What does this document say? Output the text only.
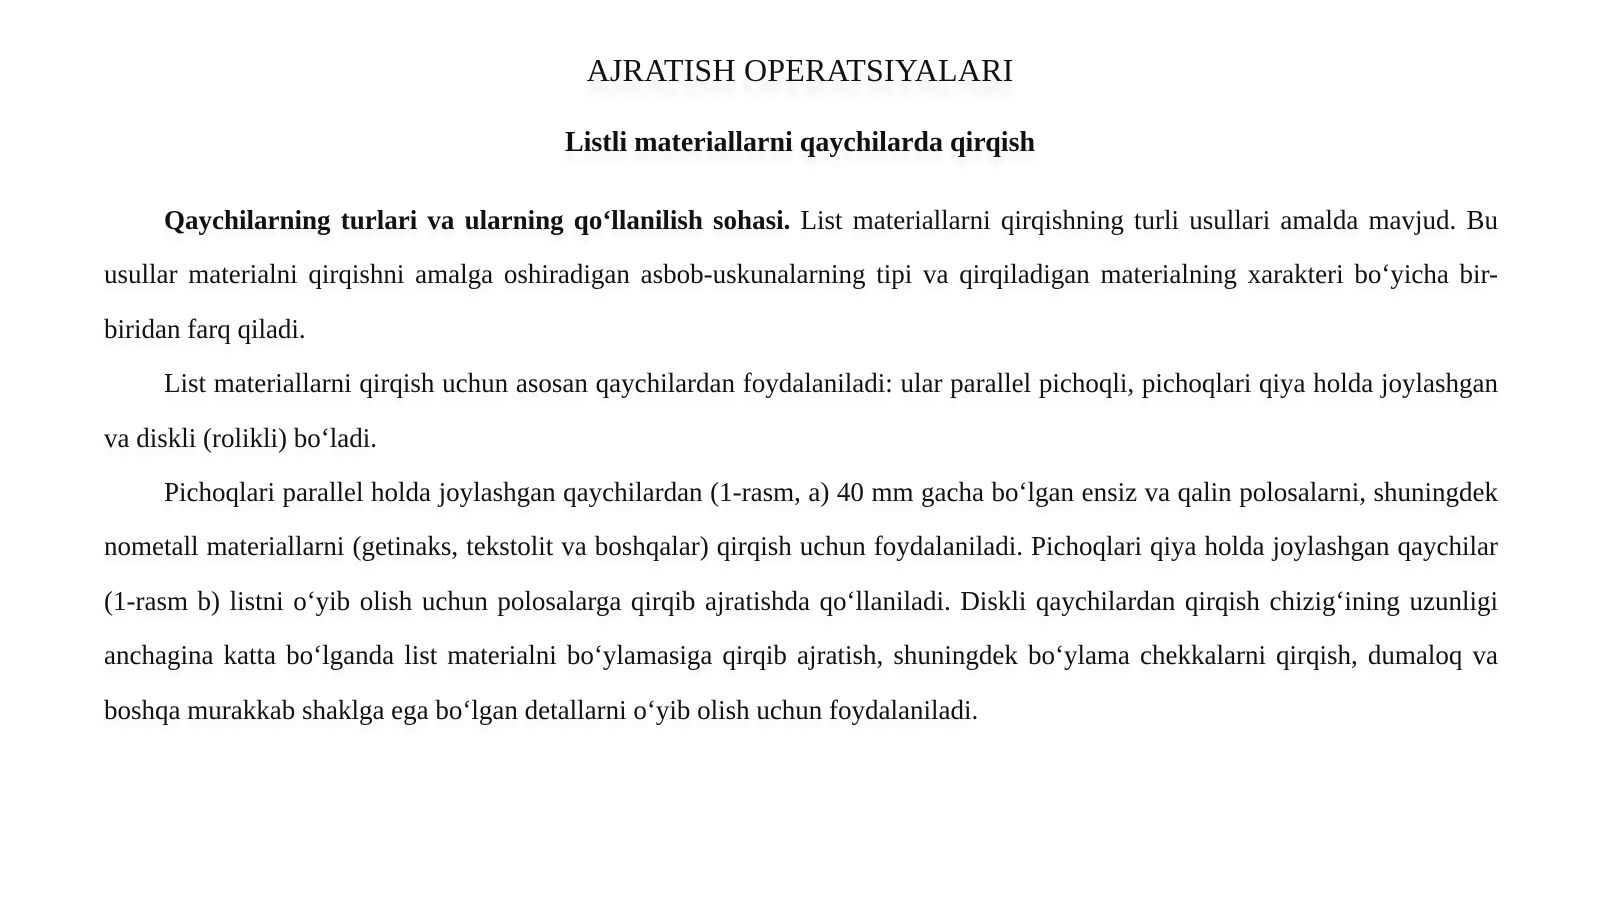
AJRATISH OPERATSIYALARI
Listli materiallarni qaychilarda qirqish

Qaychilarning turlari va ularning qo‘llanilish sohasi. List materiallarni qirqishning turli usullari amalda mavjud. Bu usullar materialni qirqishni amalga oshiradigan asbob-uskunalarning tipi va qirqiladigan materialning xarakteri bo‘yicha bir-biridan farq qiladi.

List materiallarni qirqish uchun asosan qaychilardan foydalaniladi: ular parallel pichoqli, pichoqlari qiya holda joylashgan va diskli (rolikli) bo‘ladi.

Pichoqlari parallel holda joylashgan qaychilardan (1-rasm, a) 40 mm gacha bo‘lgan ensiz va qalin polosalarni, shuningdek nometall materiallarni (getinaks, tekstolit va boshqalar) qirqish uchun foydalaniladi. Pichoqlari qiya holda joylashgan qaychilar (1-rasm b) listni o‘yib olish uchun polosalarga qirqib ajratishda qo‘llaniladi. Diskli qaychilardan qirqish chizig‘ining uzunligi anchagina katta bo‘lganda list materialni bo‘ylamasiga qirqib ajratish, shuningdek bo‘ylama chekkalarni qirqish, dumaloq va boshqa murakkab shaklga ega bo‘lgan detallarni o‘yib olish uchun foydalaniladi.
